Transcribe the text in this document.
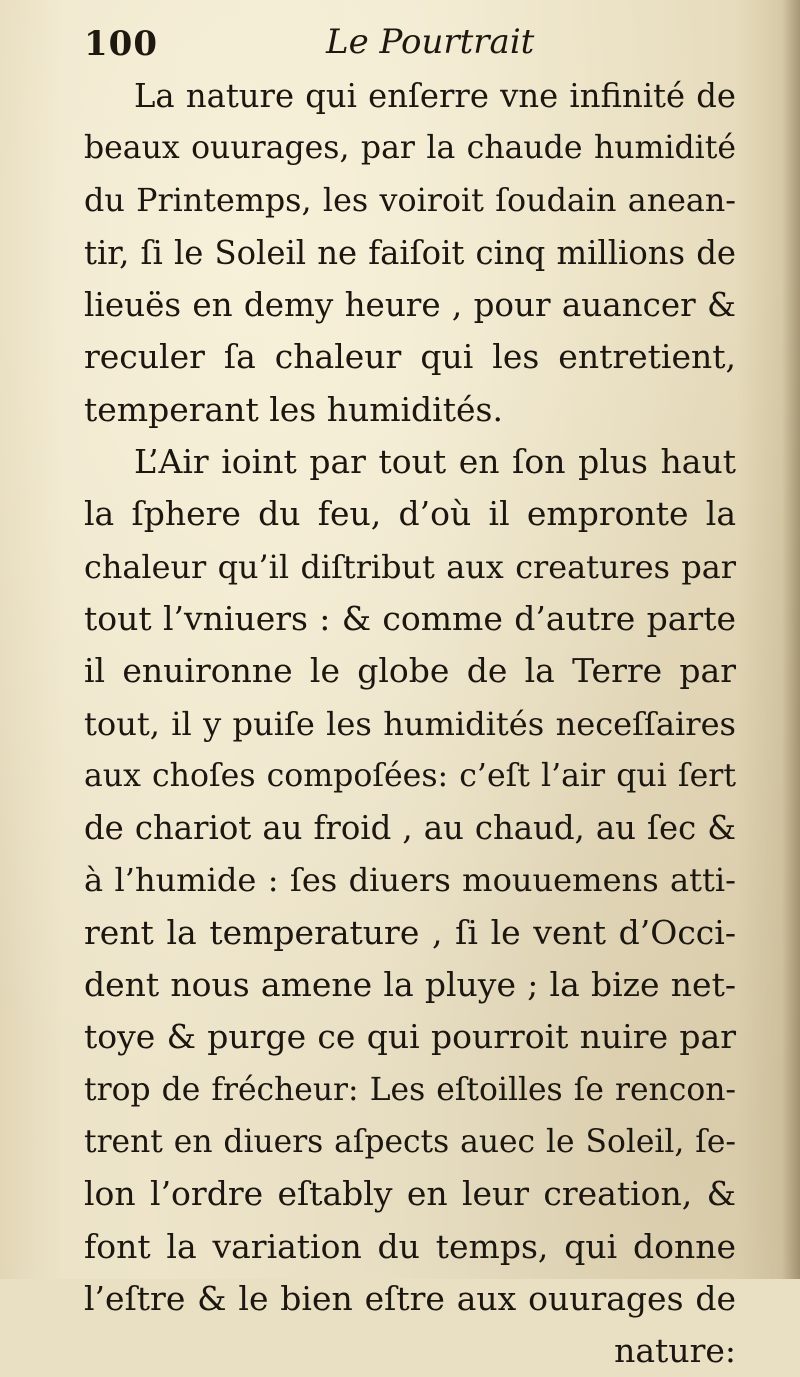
100	Le Pourtrait
La nature qui enſerre vne infinité de
beaux ouurages, par la chaude humidité
du Printemps, les voiroit ſoudain anean-
tir, ſi le Soleil ne faiſoit cinq millions de
lieuës en demy heure , pour auancer &
reculer ſa chaleur qui les entretient,
temperant les humidités.
L’Air ioint par tout en ſon plus haut
la ſphere du feu, d’où il empronte la
chaleur qu’il diſtribut aux creatures par
tout l’vniuers : & comme d’autre parte
il enuironne le globe de la Terre par
tout, il y puiſe les humidités neceſſaires
aux choſes compoſées: c’eſt l’air qui ſert
de chariot au froid , au chaud, au ſec &
à l’humide : ſes diuers mouuemens atti-
rent la temperature , ſi le vent d’Occi-
dent nous amene la pluye ; la bize net-
toye & purge ce qui pourroit nuire par
trop de frécheur: Les eſtoilles ſe rencon-
trent en diuers aſpects auec le Soleil, ſe-
lon l’ordre eſtably en leur creation, &
font la variation du temps, qui donne
l’eſtre & le bien eſtre aux ouurages de
nature:
